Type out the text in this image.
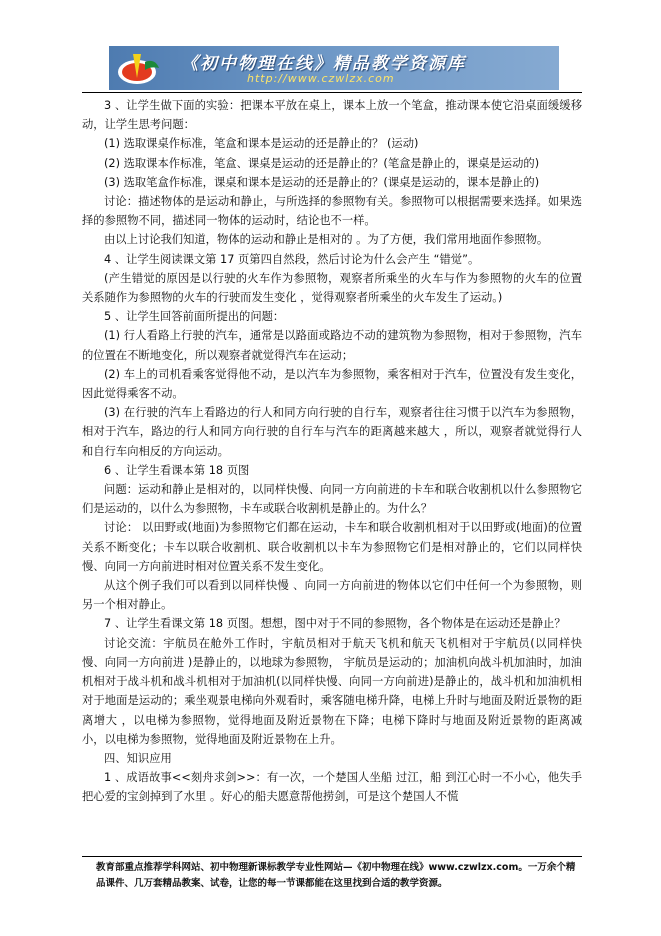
《初中物理在线》精品教学资源库
http://www.czwlzx.com

3 、让学生做下面的实验：把课本平放在桌上，课本上放一个笔盒，推动课本使它沿桌面缓缓移动，让学生思考问题：

(1) 选取课桌作标准，笔盒和课本是运动的还是静止的？ (运动)

(2) 选取课本作标准，笔盒、课桌是运动的还是静止的？(笔盒是静止的，课桌是运动的)

(3) 选取笔盒作标准，课桌和课本是运动的还是静止的？(课桌是运动的，课本是静止的)

讨论：描述物体的是运动和静止，与所选择的参照物有关。参照物可以根据需要来选择。如果选择的参照物不同，描述同一物体的运动时，结论也不一样。

由以上讨论我们知道，物体的运动和静止是相对的 。为了方便，我们常用地面作参照物。

4 、让学生阅读课文第 17 页第四自然段，然后讨论为什么会产生 “错觉”。

(产生错觉的原因是以行驶的火车作为参照物，观察者所乘坐的火车与作为参照物的火车的位置关系随作为参照物的火车的行驶而发生变化 ，觉得观察者所乘坐的火车发生了运动。)

5 、让学生回答前面所提出的问题：

(1) 行人看路上行驶的汽车，通常是以路面或路边不动的建筑物为参照物，相对于参照物，汽车的位置在不断地变化，所以观察者就觉得汽车在运动；

(2) 车上的司机看乘客觉得他不动，是以汽车为参照物，乘客相对于汽车，位置没有发生变化，因此觉得乘客不动。

(3) 在行驶的汽车上看路边的行人和同方向行驶的自行车，观察者往往习惯于以汽车为参照物，相对于汽车，路边的行人和同方向行驶的自行车与汽车的距离越来越大 ，所以，观察者就觉得行人和自行车向相反的方向运动。

6 、让学生看课本第 18 页图

问题：运动和静止是相对的，以同样快慢、向同一方向前进的卡车和联合收割机以什么参照物它们是运动的，以什么为参照物，卡车或联合收割机是静止的。为什么？

讨论： 以田野或(地面)为参照物它们都在运动，卡车和联合收割机相对于以田野或(地面)的位置关系不断变化；卡车以联合收割机、联合收割机以卡车为参照物它们是相对静止的，它们以同样快慢、向同一方向前进时相对位置关系不发生变化。

从这个例子我们可以看到以同样快慢 、向同一方向前进的物体以它们中任何一个为参照物，则另一个相对静止。

7 、让学生看课文第 18 页图。想想，图中对于不同的参照物，各个物体是在运动还是静止？

讨论交流：宇航员在舱外工作时，宇航员相对于航天飞机和航天飞机相对于宇航员(以同样快慢、向同一方向前进 )是静止的，以地球为参照物， 宇航员是运动的；加油机向战斗机加油时，加油机相对于战斗机和战斗机相对于加油机(以同样快慢、向同一方向前进)是静止的，战斗机和加油机相对于地面是运动的；乘坐观景电梯向外观看时，乘客随电梯升降，电梯上升时与地面及附近景物的距离增大 ，以电梯为参照物，觉得地面及附近景物在下降；电梯下降时与地面及附近景物的距离减小，以电梯为参照物，觉得地面及附近景物在上升。

四、知识应用

1 、成语故事<<刻舟求剑>>：有一次，一个楚国人坐船 过江，船 到江心时一不小心，他失手把心爱的宝剑掉到了水里 。好心的船夫愿意帮他捞剑，可是这个楚国人不慌

教育部重点推荐学科网站、初中物理新课标教学专业性网站—《初中物理在线》www.czwlzx.com。一万余个精品课件、几万套精品教案、试卷，让您的每一节课都能在这里找到合适的教学资源。
